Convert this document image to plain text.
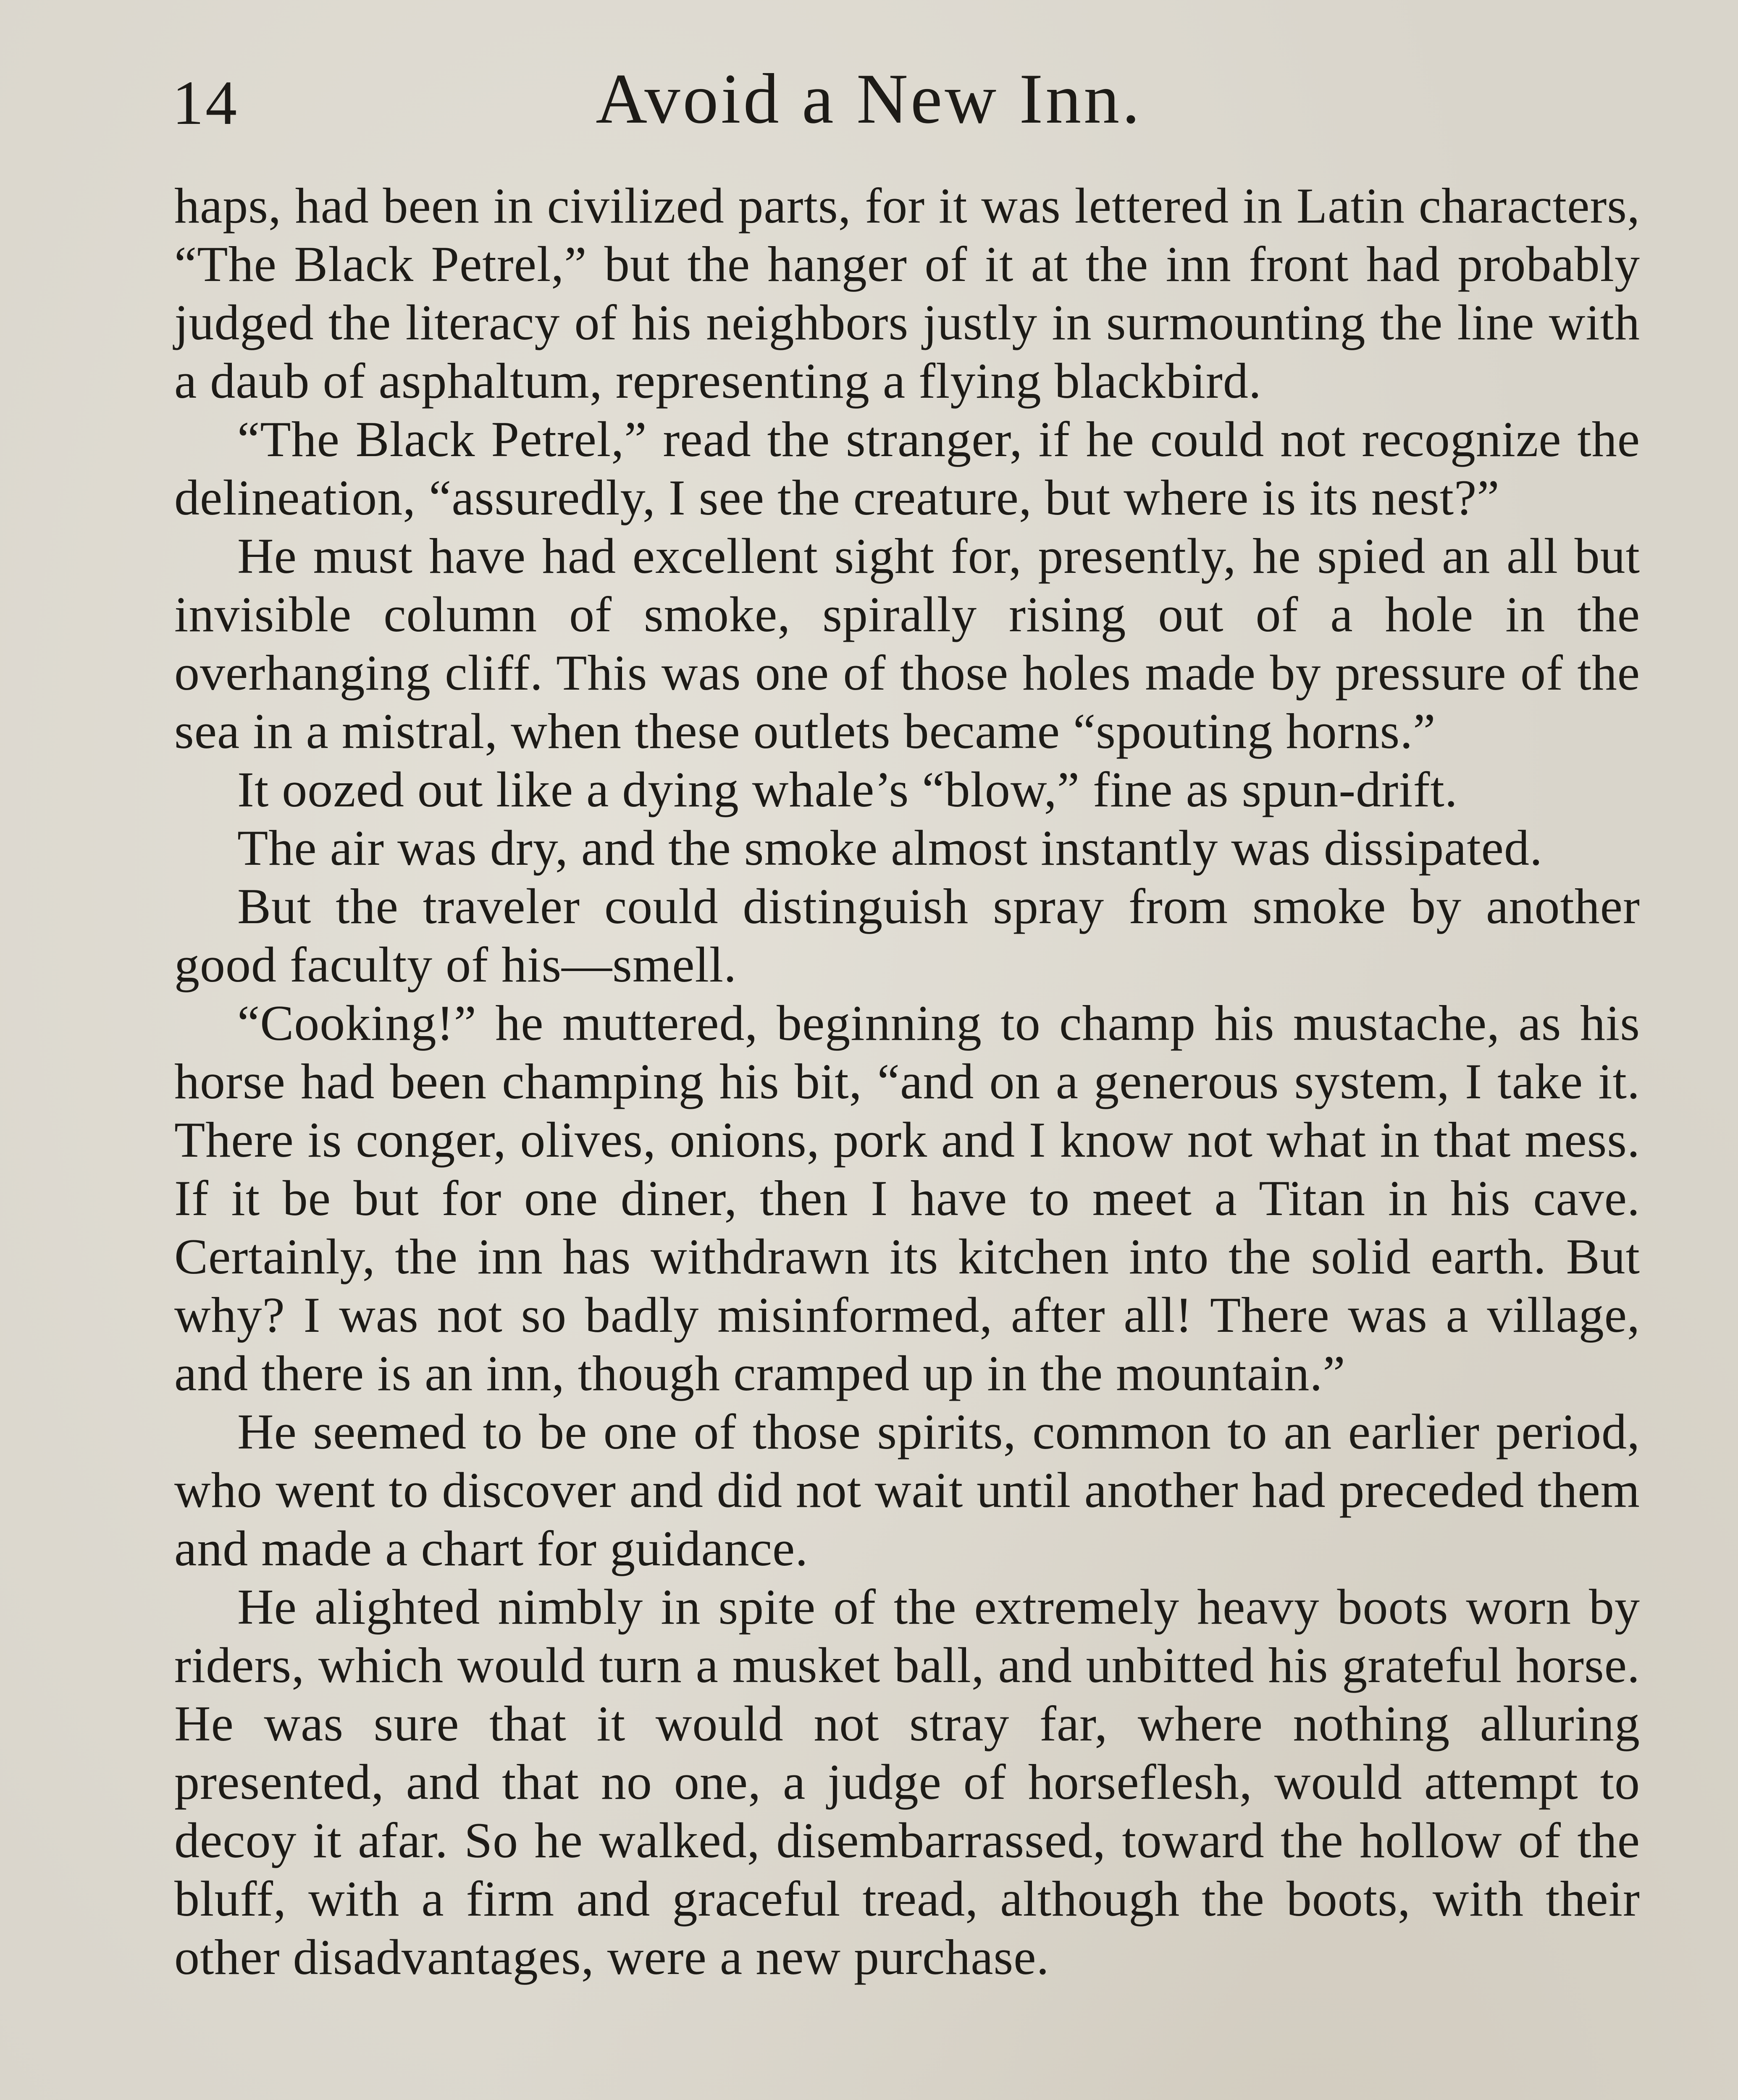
14	Avoid a New Inn.

haps, had been in civilized parts, for it was lettered in Latin characters, “The Black Petrel,” but the hanger of it at the inn front had probably judged the literacy of his neighbors justly in surmounting the line with a daub of asphaltum, representing a flying blackbird.

“The Black Petrel,” read the stranger, if he could not recognize the delineation, “assuredly, I see the creature, but where is its nest?”

He must have had excellent sight for, presently, he spied an all but invisible column of smoke, spirally rising out of a hole in the overhanging cliff. This was one of those holes made by pressure of the sea in a mistral, when these outlets became “spouting horns.”

It oozed out like a dying whale’s “blow,” fine as spun-drift.

The air was dry, and the smoke almost instantly was dissipated.

But the traveler could distinguish spray from smoke by another good faculty of his—smell.

“Cooking!” he muttered, beginning to champ his mustache, as his horse had been champing his bit, “and on a generous system, I take it. There is conger, olives, onions, pork and I know not what in that mess. If it be but for one diner, then I have to meet a Titan in his cave. Certainly, the inn has withdrawn its kitchen into the solid earth. But why? I was not so badly misinformed, after all! There was a village, and there is an inn, though cramped up in the mountain.”

He seemed to be one of those spirits, common to an earlier period, who went to discover and did not wait until another had preceded them and made a chart for guidance.

He alighted nimbly in spite of the extremely heavy boots worn by riders, which would turn a musket ball, and unbitted his grateful horse. He was sure that it would not stray far, where nothing alluring presented, and that no one, a judge of horseflesh, would attempt to decoy it afar. So he walked, disembarrassed, toward the hollow of the bluff, with a firm and graceful tread, although the boots, with their other disadvantages, were a new purchase.
